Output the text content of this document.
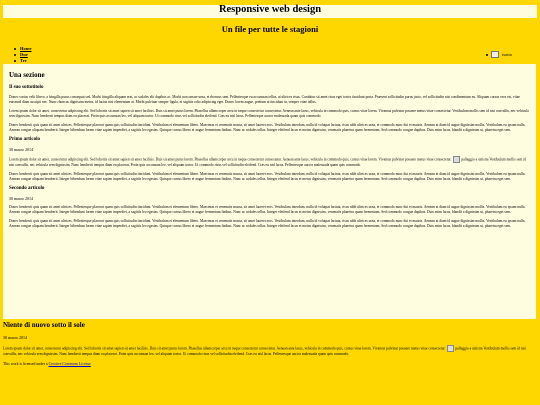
Responsive web design
Un file per tutte le stagioni
Home
Due
Tre
isotto
Una sezione
Il suo sottotitolo

Donec varius velit libero, a fringilla purus consequat sed. Morbi fringilla aliquam erat, ac sodales elit dapibus ac. Morbi non ornare urna, et rhoncus sem. Pellentesque eu accumsan tellus, at ultrices risus. Curabitur sit amet risus eget tortor tincidunt porta. Praesent sollicitudin purus justo, vel sollicitudin nisi condimentum eu. Aliquam cursus eros est, vitae euismod diam suscipit nec. Nunc rhoncus dignissim metus, id luctus nisi elementum at. Morbi pulvinar semper ligula, et sagittis odio adipiscing eget. Donec lorem augue, pretium at tincidunt in, semper vitae tellus.

Lorem ipsum dolor sit amet, consectetur adipiscing elit. Sed lobortis sit amet sapien sit amet facilisis. Duis sit amet purus lorem. Phasellus ullamcorper arcu in neque consectetur consectetur. Aenean ante lacus, vehicula in commodo quis, cursus vitae lorem. Vivamus pulvinar posuere metus vitae consectetur. Vestibulum mollis sem id nisi convallis, nec vehicula sem dignissim. Nunc hendrerit tempus diam eu placerat. Proin quis accumsan leo, vel aliquam tortor. Ut commodo risus vel sollicitudin eleifend. Cras eu nisl lacus. Pellentesque auctor malesuada quam quis commodo.

Donec hendrerit quis quam sit amet ultrices. Pellentesque placerat quam quis sollicitudin tincidunt. Vestibulum et elementum libero. Maecenas et venenatis massa, sit amet laoreet eros. Vestibulum interdum, nulla id volutpat lacinia, risus nibh ultrices urna, et commodo nunc dui et mauris. Aenean at diam id augue dignissim mollis. Vestibulum eu ipsum nulla. Aenean congue aliquam hendrerit. Integer bibendum lorem vitae sapien imperdiet, a sagittis leo egestas. Quisque cursus libero et augue fermentum finibus. Nunc ac sodales tellus. Integer eleifend lacus et metus dignissim, venenatis pharetra quam fermentum. Sed commodo congue dapibus. Duis enim lacus, blandit a dignissim ut, pharetra eget sem.

Primo articolo
30 marzo 2014

Lorem ipsum dolor sit amet, consectetur adipiscing elit. Sed lobortis sit amet sapien sit amet facilisis. Duis sit amet purus lorem. Phasellus ullamcorper arcu in neque consectetur consectetur. Aenean ante lacus, vehicula in commodo quis, cursus vitae lorem. Vivamus pulvinar posuere metus vitae consectetur.	pallaggio a sinistra Vestibulum mollis sem id nisi convallis, nec vehicula sem dignissim. Nunc hendrerit tempus diam eu placerat. Proin quis accumsan leo, vel aliquam tortor. Ut commodo risus vel sollicitudin eleifend. Cras eu nisl lacus. Pellentesque auctor malesuada quam quis commodo.

Donec hendrerit quis quam sit amet ultrices. Pellentesque placerat quam quis sollicitudin tincidunt. Vestibulum et elementum libero. Maecenas et venenatis massa, sit amet laoreet eros. Vestibulum interdum, nulla id volutpat lacinia, risus nibh ultrices urna, et commodo nunc dui et mauris. Aenean at diam id augue dignissim mollis. Vestibulum eu ipsum nulla. Aenean congue aliquam hendrerit. Integer bibendum lorem vitae sapien imperdiet, a sagittis leo egestas. Quisque cursus libero et augue fermentum finibus. Nunc ac sodales tellus. Integer eleifend lacus et metus dignissim, venenatis pharetra quam fermentum. Sed commodo congue dapibus. Duis enim lacus, blandit a dignissim ut, pharetra eget sem.

Secondo articolo
30 marzo 2014

Donec hendrerit quis quam sit amet ultrices. Pellentesque placerat quam quis sollicitudin tincidunt. Vestibulum et elementum libero. Maecenas et venenatis massa, sit amet laoreet eros. Vestibulum interdum, nulla id volutpat lacinia, risus nibh ultrices urna, et commodo nunc dui et mauris. Aenean at diam id augue dignissim mollis. Vestibulum eu ipsum nulla. Aenean congue aliquam hendrerit. Integer bibendum lorem vitae sapien imperdiet, a sagittis leo egestas. Quisque cursus libero et augue fermentum finibus. Nunc ac sodales tellus. Integer eleifend lacus et metus dignissim, venenatis pharetra quam fermentum. Sed commodo congue dapibus. Duis enim lacus, blandit a dignissim ut, pharetra eget sem.

Donec hendrerit quis quam sit amet ultrices. Pellentesque placerat quam quis sollicitudin tincidunt. Vestibulum et elementum libero. Maecenas et venenatis massa, sit amet laoreet eros. Vestibulum interdum, nulla id volutpat lacinia, risus nibh ultrices urna, et commodo nunc dui et mauris. Aenean at diam id augue dignissim mollis. Vestibulum eu ipsum nulla. Aenean congue aliquam hendrerit. Integer bibendum lorem vitae sapien imperdiet, a sagittis leo egestas. Quisque cursus libero et augue fermentum finibus. Nunc ac sodales tellus. Integer eleifend lacus et metus dignissim, venenatis pharetra quam fermentum. Sed commodo congue dapibus. Duis enim lacus, blandit a dignissim ut, pharetra eget sem.

Niente di nuovo sotto il sole
30 marzo 2014

Lorem ipsum dolor sit amet, consectetur adipiscing elit. Sed lobortis sit amet sapien sit amet facilisis. Duis sit amet purus lorem. Phasellus ullamcorper arcu in neque consectetur consectetur. Aenean ante lacus, vehicula in commodo quis, cursus vitae lorem. Vivamus pulvinar posuere metus vitae consectetur.	pallaggio a sinistra Vestibulum mollis sem id nisi convallis, nec vehicula sem dignissim. Nunc hendrerit tempus diam eu placerat. Proin quis accumsan leo, vel aliquam tortor. Ut commodo risus vel sollicitudin eleifend. Cras eu nisl lacus. Pellentesque auctor malesuada quam quis commodo.

This work is licensed under a Creative Commons License
